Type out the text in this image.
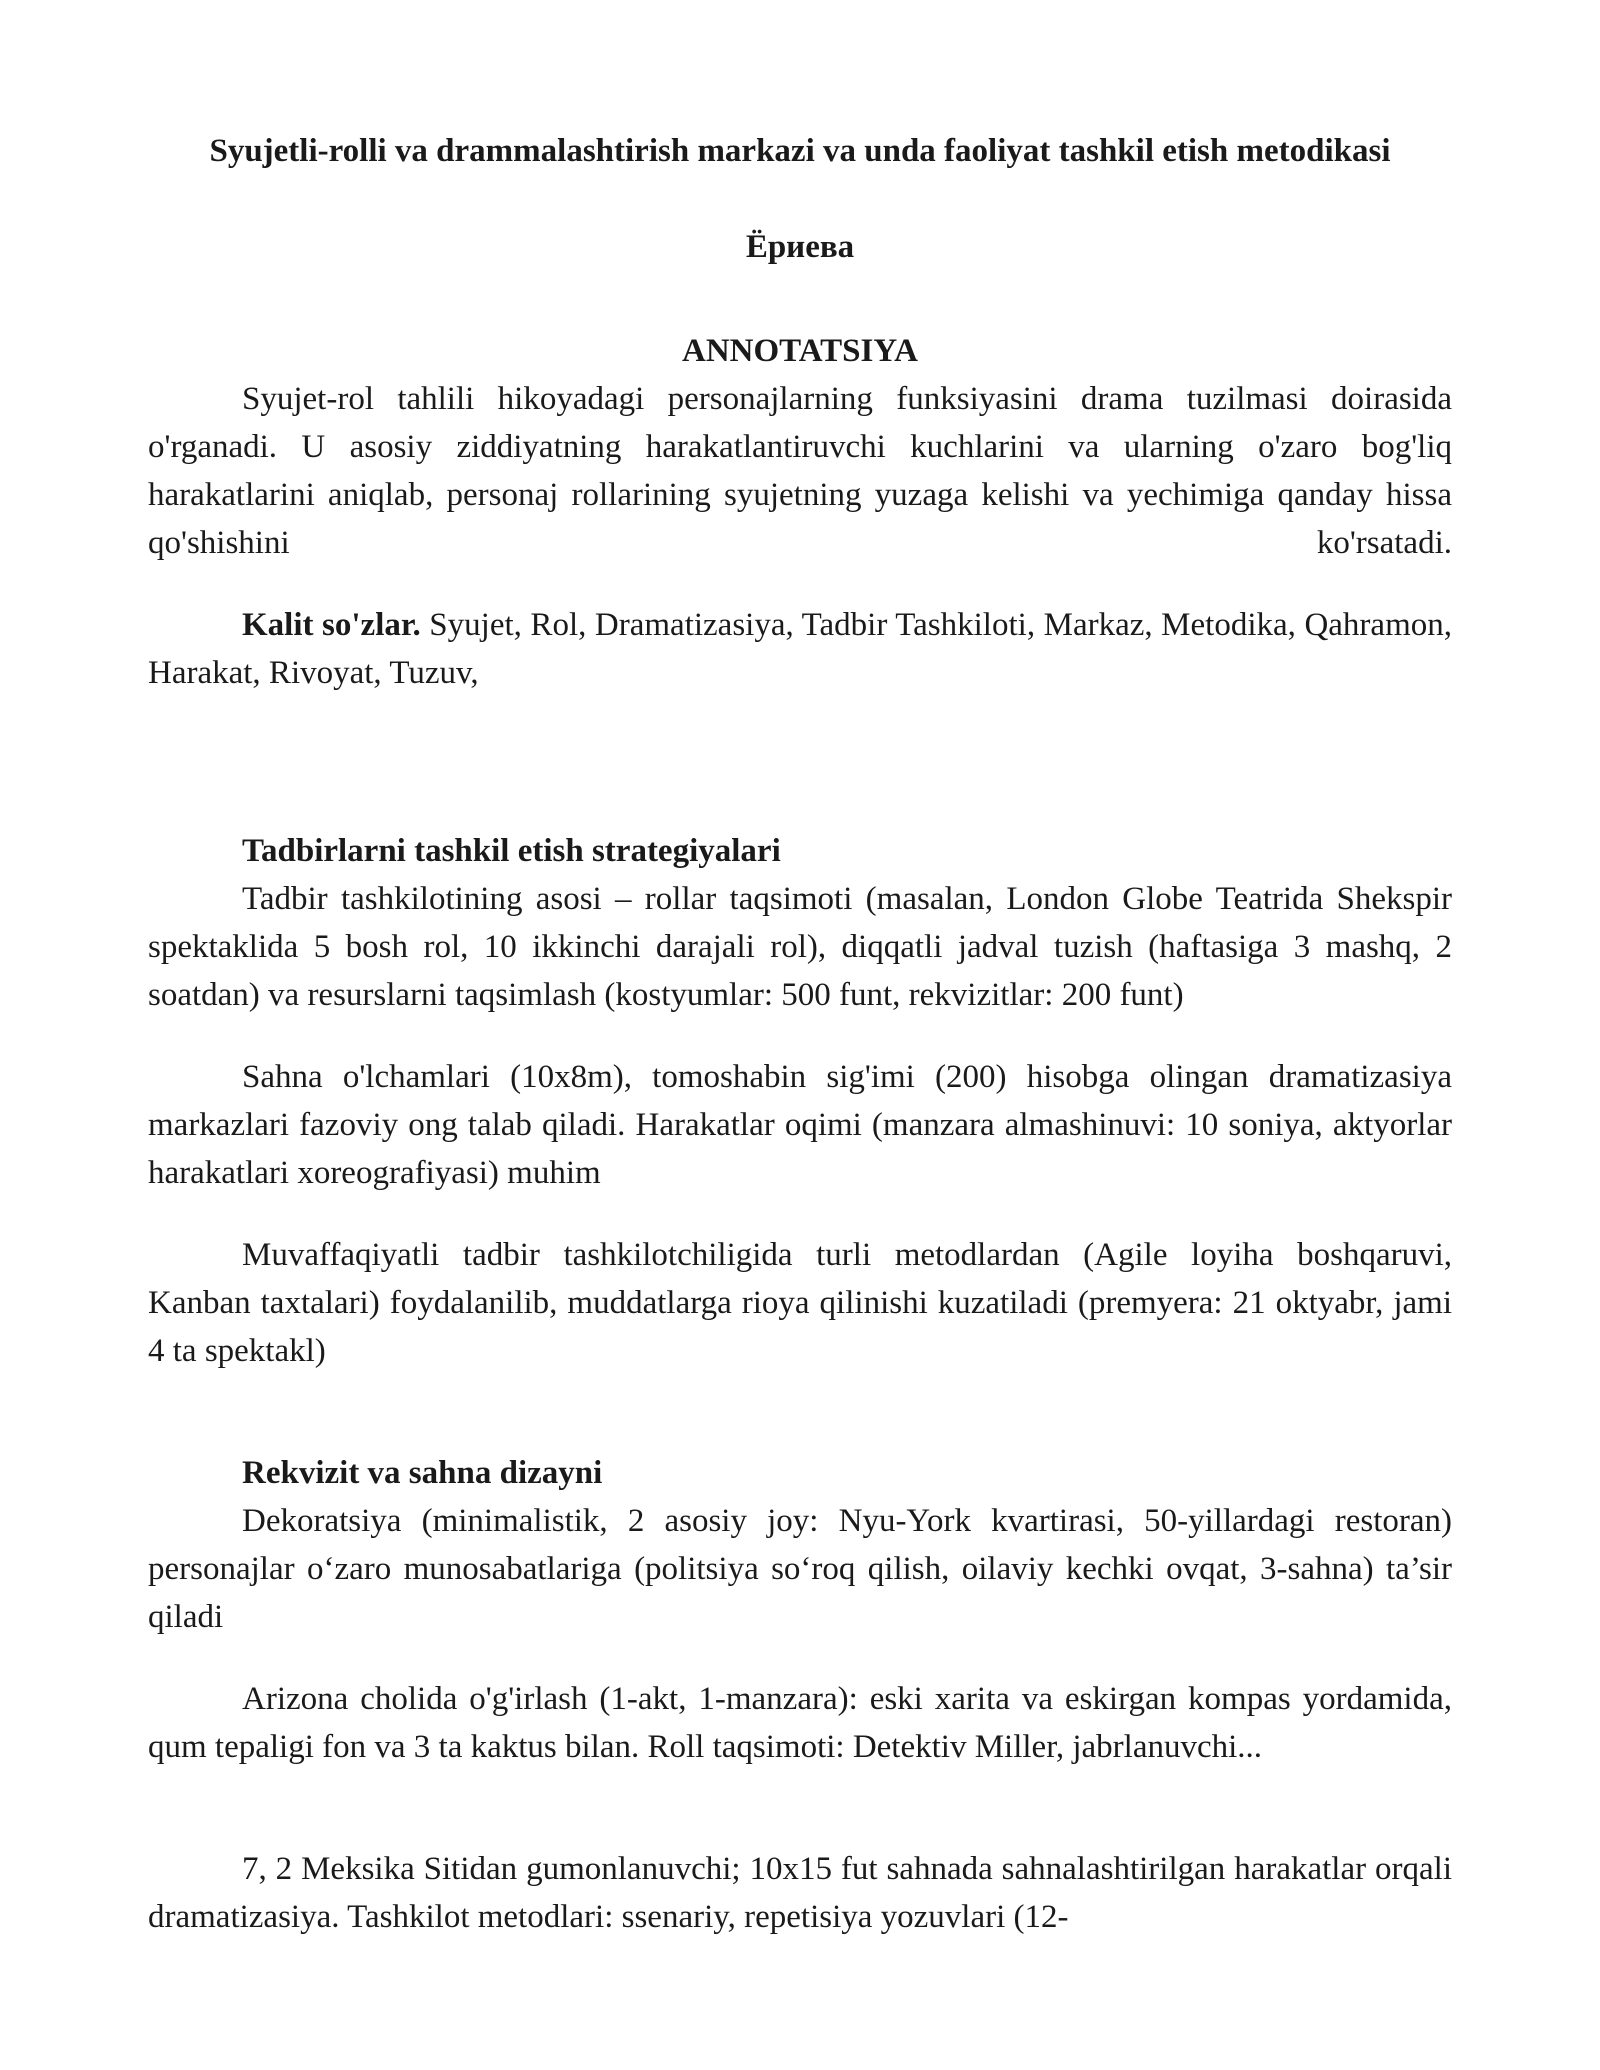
Syujetli-rolli va drammalashtirish markazi va unda faoliyat tashkil etish metodikasi
Ëриева
ANNOTATSIYA

Syujet-rol tahlili hikoyadagi personajlarning funksiyasini drama tuzilmasi doirasida o'rganadi. U asosiy ziddiyatning harakatlantiruvchi kuchlarini va ularning o'zaro bog'liq harakatlarini aniqlab, personaj rollarining syujetning yuzaga kelishi va yechimiga qanday hissa qo'shishini ko'rsatadi.

Kalit so'zlar. Syujet, Rol, Dramatizasiya, Tadbir Tashkiloti, Markaz, Metodika, Qahramon, Harakat, Rivoyat, Tuzuv,

Tadbirlarni tashkil etish strategiyalari

Tadbir tashkilotining asosi – rollar taqsimoti (masalan, London Globe Teatrida Shekspir spektaklida 5 bosh rol, 10 ikkinchi darajali rol), diqqatli jadval tuzish (haftasiga 3 mashq, 2 soatdan) va resurslarni taqsimlash (kostyumlar: 500 funt, rekvizitlar: 200 funt)

Sahna o'lchamlari (10x8m), tomoshabin sig'imi (200) hisobga olingan dramatizasiya markazlari fazoviy ong talab qiladi. Harakatlar oqimi (manzara almashinuvi: 10 soniya, aktyorlar harakatlari xoreografiyasi) muhim

Muvaffaqiyatli tadbir tashkilotchiligida turli metodlardan (Agile loyiha boshqaruvi, Kanban taxtalari) foydalanilib, muddatlarga rioya qilinishi kuzatiladi (premyera: 21 oktyabr, jami 4 ta spektakl)

Rekvizit va sahna dizayni

Dekoratsiya (minimalistik, 2 asosiy joy: Nyu-York kvartirasi, 50-yillardagi restoran) personajlar o‘zaro munosabatlariga (politsiya so‘roq qilish, oilaviy kechki ovqat, 3-sahna) ta’sir qiladi

Arizona cholida o'g'irlash (1-akt, 1-manzara): eski xarita va eskirgan kompas yordamida, qum tepaligi fon va 3 ta kaktus bilan. Roll taqsimoti: Detektiv Miller, jabrlanuvchi...

7, 2 Meksika Sitidan gumonlanuvchi; 10x15 fut sahnada sahnalashtirilgan harakatlar orqali dramatizasiya. Tashkilot metodlari: ssenariy, repetisiya yozuvlari (12-
